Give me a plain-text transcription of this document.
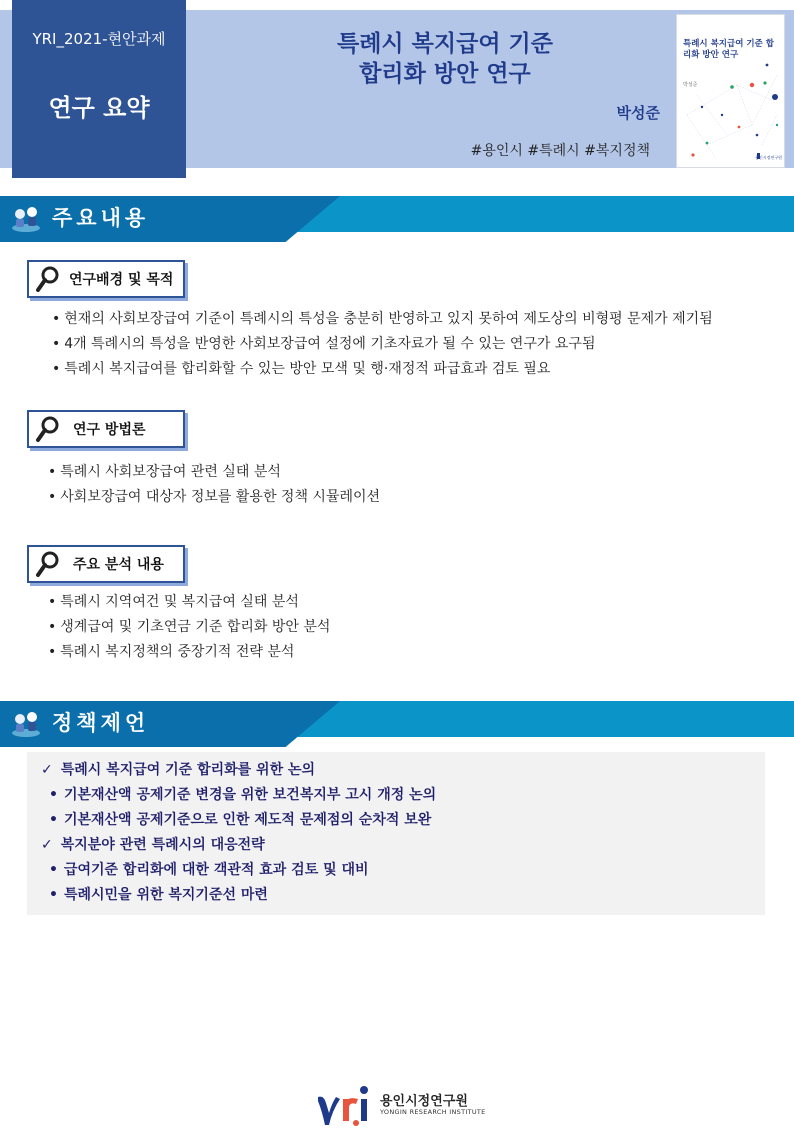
YRI_2021-현안과제
연구 요약
특례시 복지급여 기준
합리화 방안 연구
박성준
#용인시 #특례시 #복지정책
특례시 복지급여 기준 합리화 방안 연구
박성준
용인시정연구원
주요내용
연구배경 및 목적
• 현재의 사회보장급여 기준이 특례시의 특성을 충분히 반영하고 있지 못하여 제도상의 비형평 문제가 제기됨
• 4개 특례시의 특성을 반영한 사회보장급여 설정에 기초자료가 될 수 있는 연구가 요구됨
• 특례시 복지급여를 합리화할 수 있는 방안 모색 및 행·재정적 파급효과 검토 필요
연구 방법론
• 특례시 사회보장급여 관련 실태 분석
• 사회보장급여 대상자 정보를 활용한 정책 시뮬레이션
주요 분석 내용
• 특례시 지역여건 및 복지급여 실태 분석
• 생계급여 및 기초연금 기준 합리화 방안 분석
• 특례시 복지정책의 중장기적 전략 분석
정책제언
✓ 특례시 복지급여 기준 합리화를 위한 논의
• 기본재산액 공제기준 변경을 위한 보건복지부 고시 개정 논의
• 기본재산액 공제기준으로 인한 제도적 문제점의 순차적 보완
✓ 복지분야 관련 특례시의 대응전략
• 급여기준 합리화에 대한 객관적 효과 검토 및 대비
• 특례시민을 위한 복지기준선 마련
용인시정연구원
YONGIN RESEARCH INSTITUTE
